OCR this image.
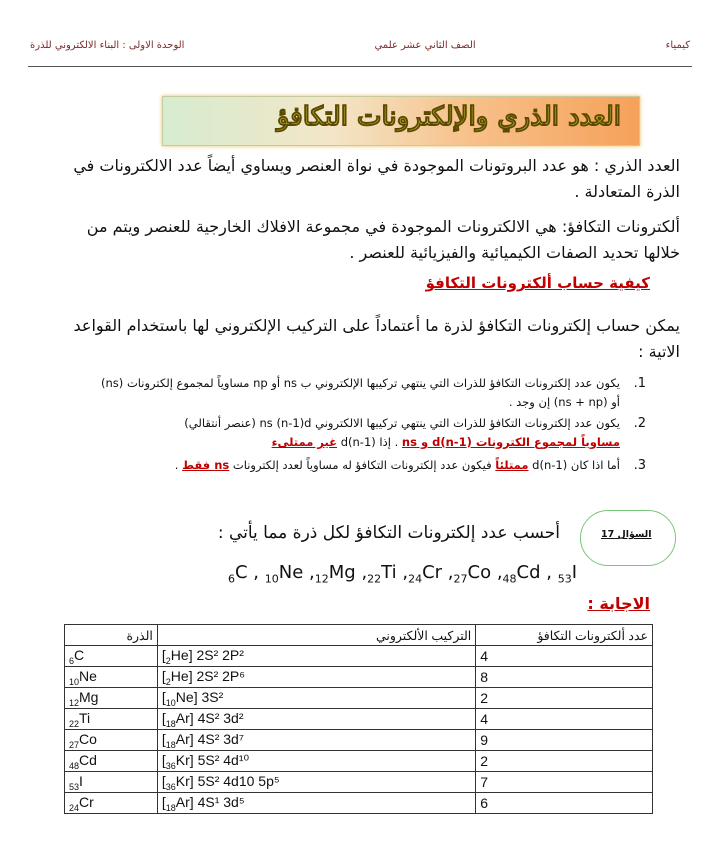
كيمياء
الصف الثاني عشر علمي
الوحدة الاولى : البناء الالكتروني للذرة
العدد الذري والإلكترونات التكافؤ
العدد الذري : هو عدد البروتونات الموجودة في نواة العنصر ويساوي أيضاً عدد الالكترونات في الذرة المتعادلة .
ألكترونات التكافؤ: هي الالكترونات الموجودة في مجموعة الافلاك الخارجية للعنصر ويتم من خلالها تحديد الصفات الكيميائية والفيزيائية للعنصر .
كيفية حساب ألكترونات التكافؤ
يمكن حساب إلكترونات التكافؤ لذرة ما أعتماداً على التركيب الإلكتروني لها باستخدام القواعد الاتية :
1.
يكون عدد إلكترونات التكافؤ للذرات التي ينتهي تركيبها الإلكتروني ب ns أو np مساوياً لمجموع إلكترونات (ns) أو (ns + np) إن وجد .
2.
يكون عدد إلكترونات التكافؤ للذرات التي ينتهي تركيبها الالكتروني ns (n-1)d (عنصر أنتقالي)
مساوياً لمجموع الكترونات (n-1)d و ns . إذا (n-1)d غير ممتلىء
3.
أما اذا كان (n-1)d ممتلئاً فيكون عدد إلكترونات التكافؤ له مساوياً لعدد إلكترونات ns فقط .
السؤال 17
أحسب عدد إلكترونات التكافؤ لكل ذرة مما يأتي :
$_6$C , $_{10}$Ne $,_{12}Mg$ $,_{22}Ti$ $,_{24}Cr$ $,_{27}Co$ $,_{48}Cd$ , $_{53}$I
الاجابة :
عدد ألكترونات التكافؤ	التركيب الألكتروني	الذرة
4	$[_2He]$ 2S² 2P²	$_6$C
8	$[_2He]$ 2S² 2P⁶	$_{10}$Ne
2	$[_{10}Ne]$ 3S²	$_{12}$Mg
4	$[_{18}Ar]$ 4S² 3d²	$_{22}$Ti
9	$[_{18}Ar]$ 4S² 3d⁷	$_{27}$Co
2	$[_{36}Kr]$ 5S² 4d¹⁰	$_{48}$Cd
7	$[_{36}Kr]$ 5S² 4d10 5p⁵	$_{53}$I
6	$[_{18}Ar]$ 4S¹ 3d⁵	$_{24}$Cr
